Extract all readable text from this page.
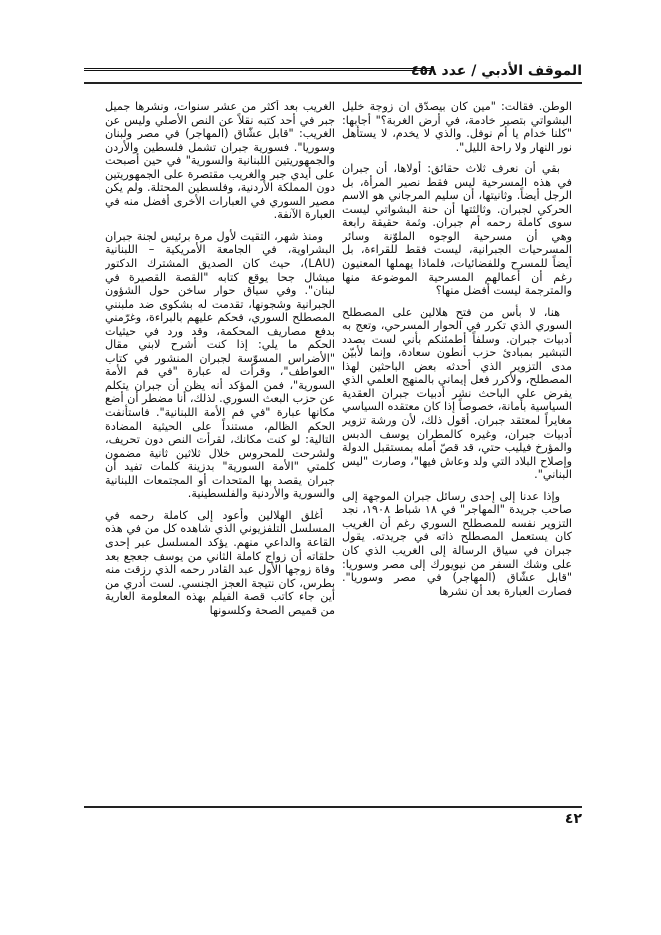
الموقف الأدبي / عدد ٤٥٨

الوطن. فقالت: "مين كان بيصدّق ان زوجة خليل البشواتي بتصير خادمة، في أرض الغربة؟" أجابها: "كلنا خدام يا أم نوفل. والذي لا يخدم، لا يستأهل نور النهار ولا راحة الليل".

بقي أن نعرف ثلاث حقائق: أولاها، أن جبران في هذه المسرحية ليس فقط نصير المرأة، بل الرجل أيضاً. وثانيتها، أن سليم المرجاني هو الاسم الحركي لجبران. وثالثتها أن حنة البشواتي ليست سوى كاملة رحمه أم جبران. وثمة حقيقة رابعة وهي أن مسرحية الوجوه الملوّنة وسائر المسرحيات الجبرانية، ليست فقط للقراءة، بل أيضاً للمسرح وللفضائيات، فلماذا يهملها المعنيون رغم أن أعمالهم المسرحية الموضوعة منها والمترجمة ليست أفضل منها؟

هنا، لا بأس من فتح هلالين على المصطلح السوري الذي تكرر في الحوار المسرحي، وتعج به أدبيات جبران. وسلفاً أطمئنكم بأني لست بصدد التبشير بمبادئ حزب أنطون سعادة، وإنما لأبيّن مدى التزوير الذي أحدثه بعض الباحثين لهذا المصطلح، ولأكرر فعل إيماني بالمنهج العلمي الذي يفرض على الباحث نشر أدبيات جبران العقدية السياسية بأمانة، خصوصاً إذا كان معتقده السياسي مغايراً لمعتقد جبران. أقول ذلك، لأن ورشة تزوير أدبيات جبران، وغيره كالمطران يوسف الدبس والمؤرخ فيليب حتي، قد قصّ أمله بمستقبل الدولة وإصلاح البلاد التي ولد وعاش فيها"، وصارت "ليس البناني".

وإذا عدنا إلى إحدى رسائل جبران الموجهة إلى صاحب جريدة "المهاجر" في ١٨ شباط ١٩٠٨، نجد التزوير نفسه للمصطلح السوري رغم أن الغريب كان يستعمل المصطلح ذاته في جريدته. يقول جبران في سياق الرسالة إلى الغريب الذي كان على وشك السفر من نيويورك إلى مصر وسوريا: "قابل عشّاق (المهاجر) في مصر وسوريا". فصارت العبارة بعد أن نشرها

الغريب بعد أكثر من عشر سنوات، ونشرها جميل جبر في أحد كتبه نقلاً عن النص الأصلي وليس عن الغريب: "قابل عشّاق (المهاجر) في مصر ولبنان وسوريا". فسورية جبران تشمل فلسطين والأردن والجمهوريتين اللبنانية والسورية" في حين أصبحت على أيدي جبر والغريب مقتصرة على الجمهوريتين دون المملكة الأردنية، وفلسطين المحتلة. ولم يكن مصير السوري في العبارات الأخرى أفضل منه في العبارة الآنفة.

ومنذ شهر، التقيت لأول مرة برئيس لجنة جبران البشراوية، في الجامعة الأمريكية – اللبنانية (LAU)، حيث كان الصديق المشترك الدكتور ميشال جحا يوقع كتابه "القصة القصيرة في لبنان". وفي سياق حوار ساخن حول الشؤون الجبرانية وشجونها، تقدمت له بشكوى ضد ملبنني المصطلح السوري، فحكم عليهم بالبراءة، وغرّمني بدفع مصاريف المحكمة، وقد ورد في حيثيات الحكم ما يلي: إذا كنت أشرح لابني مقال "الأضراس المسوّسة لجبران المنشور في كتاب "العواطف"، وقرأت له عبارة "في فم الأمة السورية"، فمن المؤكد أنه يظن أن جبران يتكلم عن حزب البعث السوري. لذلك، أنا مضطر أن أضع مكانها عبارة "في فم الأمة اللبنانية". فاستأنفت الحكم الظالم، مستنداً على الحيثية المضادة التالية: لو كنت مكانك، لقرأت النص دون تحريف، ولشرحت للمحروس خلال ثلاثين ثانية مضمون كلمتي "الأمة السورية" بدزينة كلمات تفيد أن جبران يقصد بها المتحدات أو المجتمعات اللبنانية والسورية والأردنية والفلسطينية.

أغلق الهلالين وأعود إلى كاملة رحمه في المسلسل التلفزيوني الذي شاهده كل من في هذه القاعة والداعي منهم. يؤكد المسلسل عبر إحدى حلقاته أن زواج كاملة الثاني من يوسف جعجع بعد وفاة زوجها الأول عبد القادر رحمه الذي رزقت منه بطرس، كان نتيجة العجز الجنسي. لست أدري من أين جاء كاتب قصة الفيلم بهذه المعلومة العارية من قميص الصحة وكلسونها

٤٢
